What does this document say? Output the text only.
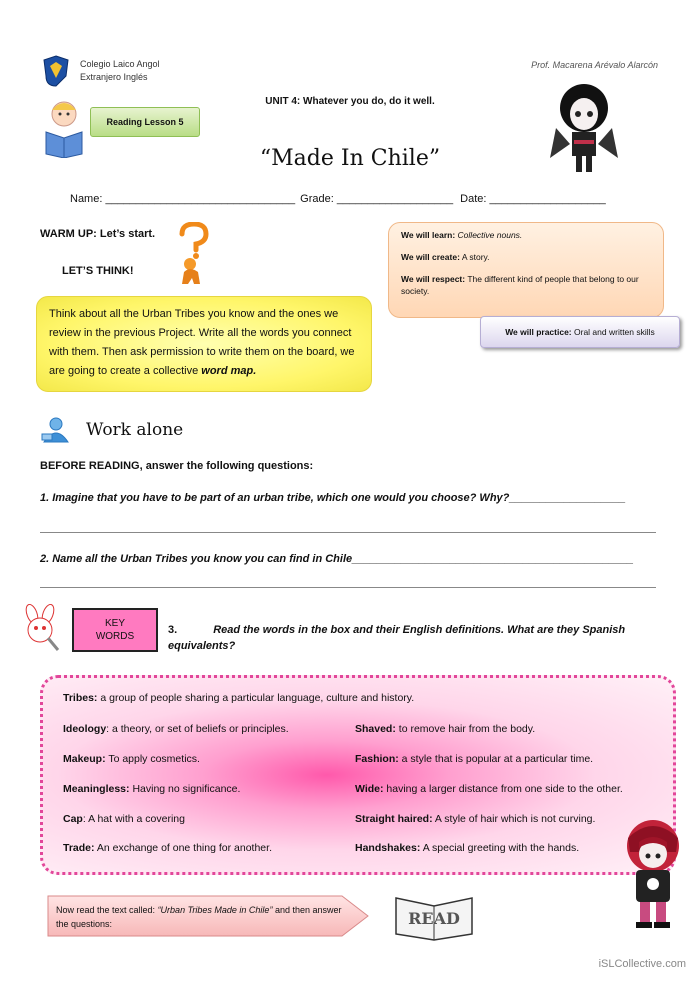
Colegio Laico Angol
Extranjero Inglés
Prof. Macarena Arévalo Alarcón
Reading Lesson 5
UNIT 4: Whatever you do, do it well.
“Made In Chile”
Name: _______________________________ Grade: ___________________ Date: ___________________
WARM UP: Let’s start.
LET’S THINK!
Think about all the Urban Tribes you know and the ones we review in the previous Project. Write all the words you connect with them. Then ask permission to write them on the board, we are going to create a collective word map.

We will learn: Collective nouns.

We will create: A story.

We will respect: The different kind of people that belong to our society.

We will practice:
Oral and written skills
Work alone
BEFORE READING, answer the following questions:
1. Imagine that you have to be part of an urban tribe, which one would you choose? Why?___________________
2. Name all the Urban Tribes you know you can find in Chile______________________________________________
KEY
WORDS
3.	Read the words in the box and their English definitions. What are they Spanish equivalents?
Tribes: a group of people sharing a particular language, culture and history.
Ideology: a theory, or set of beliefs or principles.	Shaved: to remove hair from the body.
Makeup: To apply cosmetics.	Fashion: a style that is popular at a particular time.
Meaningless: Having no significance.	Wide: having a larger distance from one side to the other.
Cap: A hat with a covering	Straight haired: A style of hair which is not curving.
Trade: An exchange of one thing for another.	Handshakes: A special greeting with the hands.
Now read the text called: “Urban Tribes Made in Chile” and then answer the questions:	READ
iSLCollective.com
